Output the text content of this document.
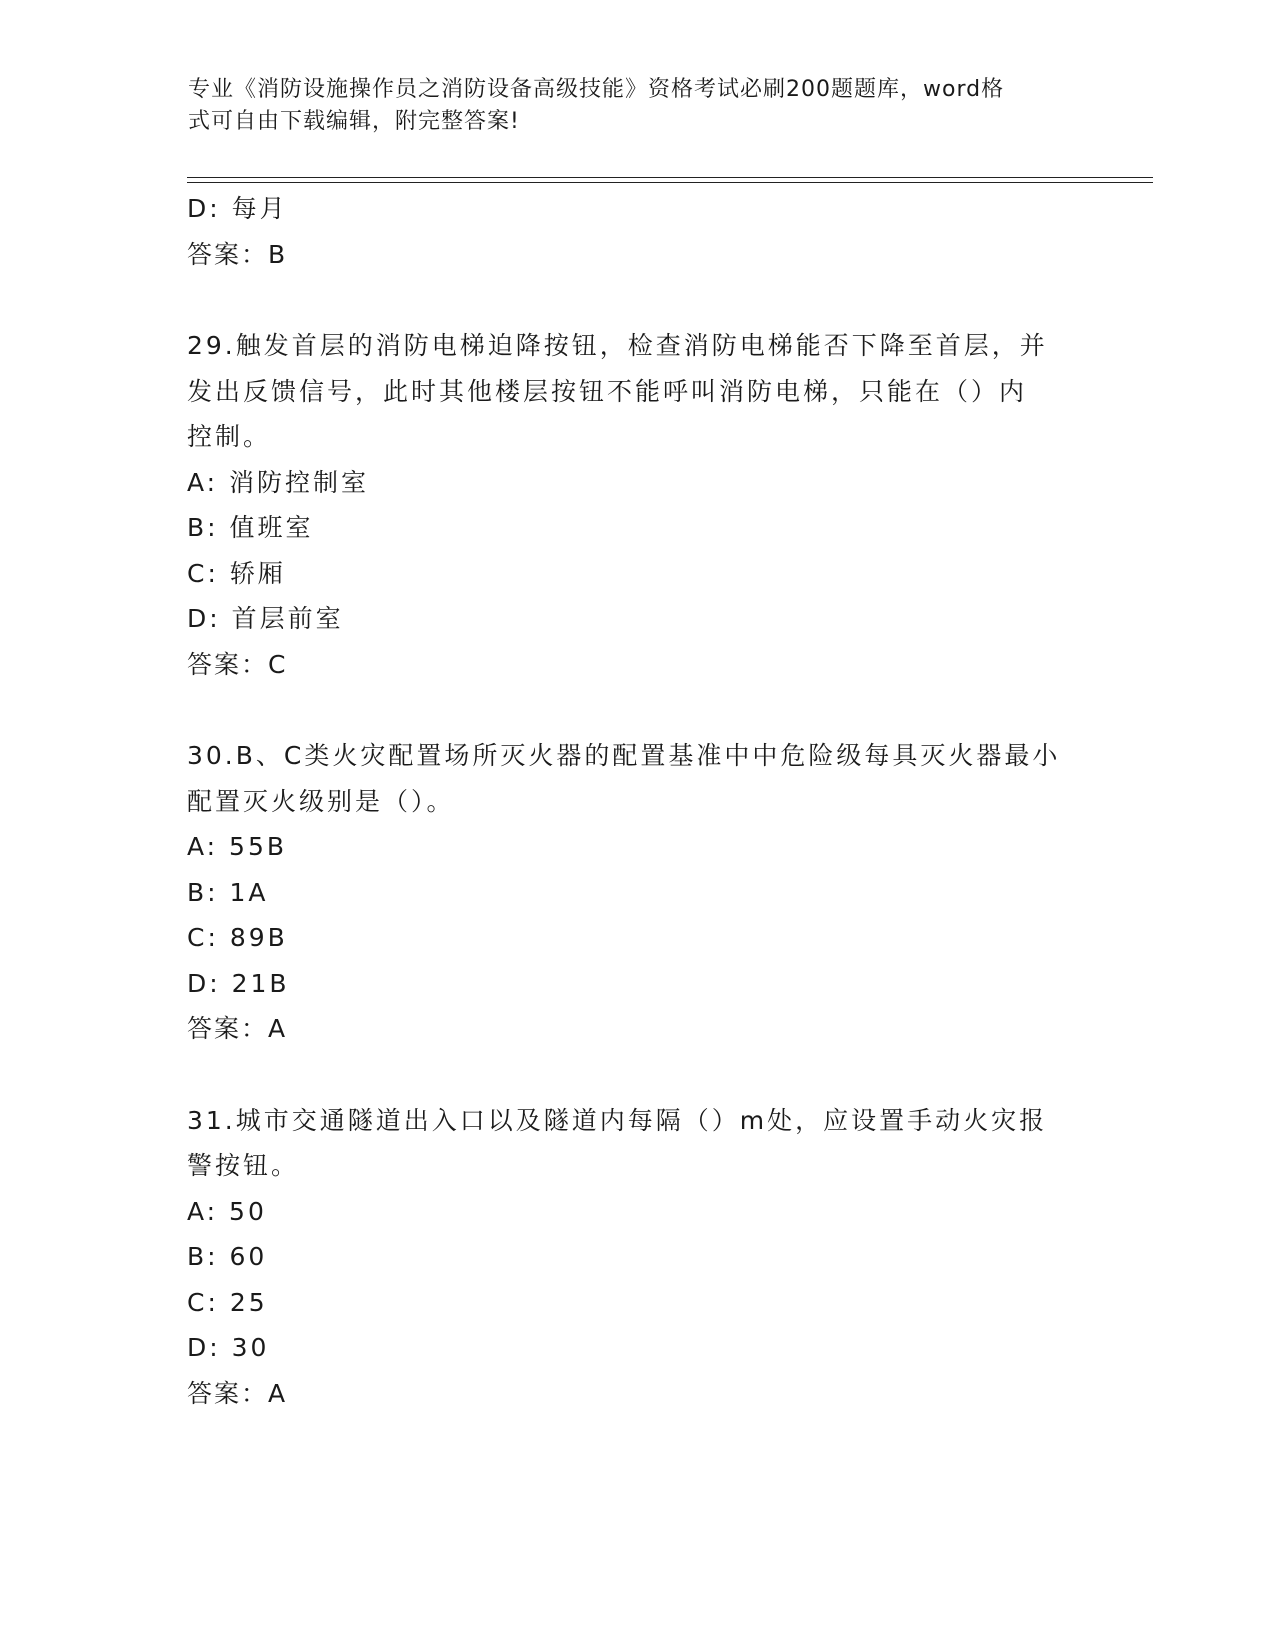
专业《消防设施操作员之消防设备高级技能》资格考试必刷200题题库，word格
式可自由下载编辑，附完整答案!
D: 每月
答案：B
29.触发首层的消防电梯迫降按钮，检查消防电梯能否下降至首层，并
发出反馈信号，此时其他楼层按钮不能呼叫消防电梯，只能在（）内
控制。
A: 消防控制室
B: 值班室
C: 轿厢
D: 首层前室
答案：C
30.B、C类火灾配置场所灭火器的配置基准中中危险级每具灭火器最小
配置灭火级别是（）。
A: 55B
B: 1A
C: 89B
D: 21B
答案：A
31.城市交通隧道出入口以及隧道内每隔（）m处，应设置手动火灾报
警按钮。
A: 50
B: 60
C: 25
D: 30
答案：A
